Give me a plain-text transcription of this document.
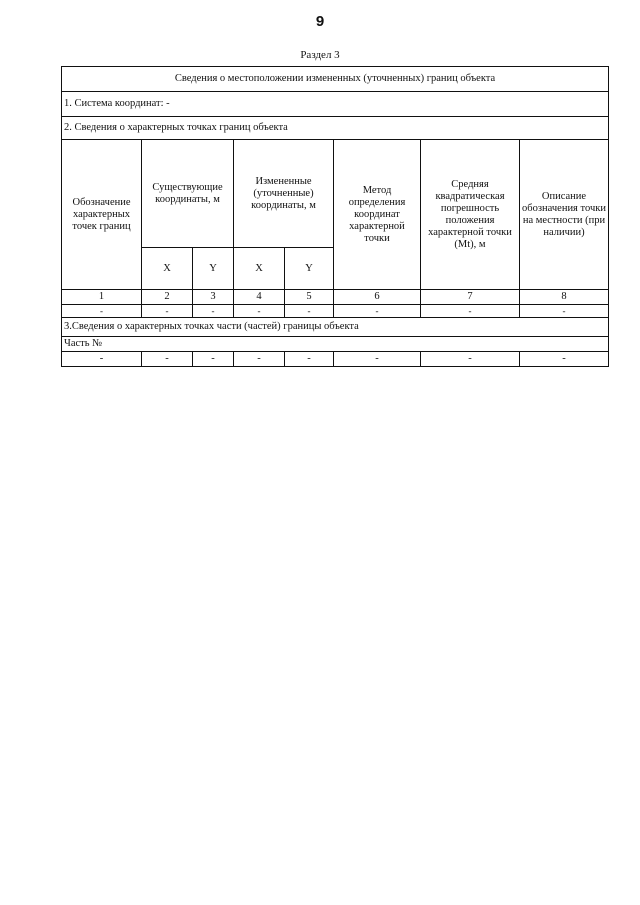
9
Раздел 3
Сведения о местоположении измененных (уточненных) границ объекта							
1. Система координат: -							
2. Сведения о характерных точках границ объекта							
Обозначение характерных точек границ	Существующие координаты, м		Измененные (уточненные) координаты, м		Метод определения координат характерной точки	Средняя квадратическая погрешность положения характерной точки (Mt), м	Описание обозначения точки на местности (при наличии)
	X	Y	X	Y			
1	2	3	4	5	6	7	8
-	-	-	-	-	-	-	-
3.Сведения о характерных точках части (частей) границы объекта							
Часть №							
-	-	-	-	-	-	-	-
